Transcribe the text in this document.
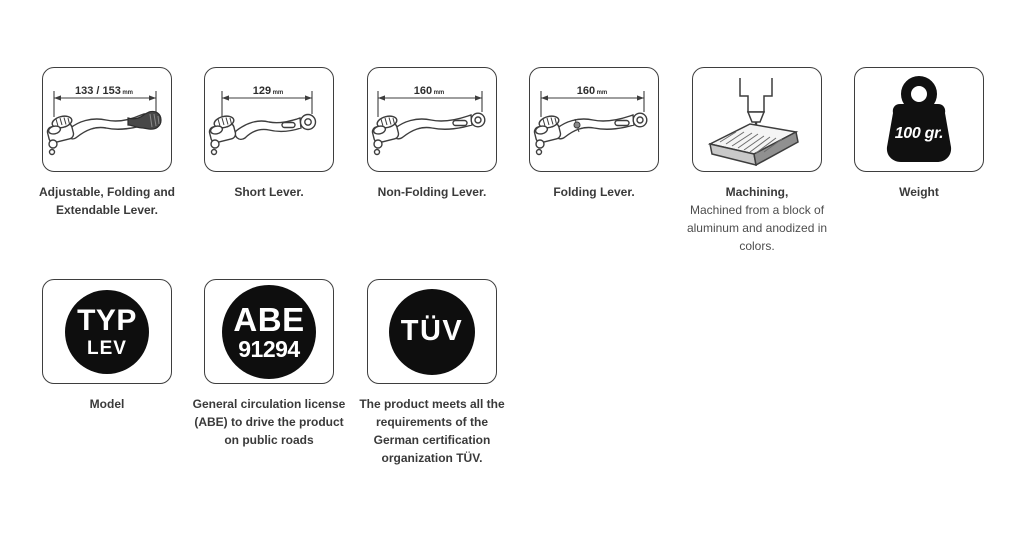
133 / 153 mm
Adjustable, Folding and Extendable Lever.
129 mm
Short Lever.
160 mm
Non-Folding Lever.
160 mm
Folding Lever.	Machining,
Machined from a block of aluminum and anodized in colors.
100 gr.
Weight
TYP
LEV
Model
ABE
91294
General circulation license (ABE) to drive the product on public roads
TÜV
The product meets all the requirements of the German certification organization TÜV.
